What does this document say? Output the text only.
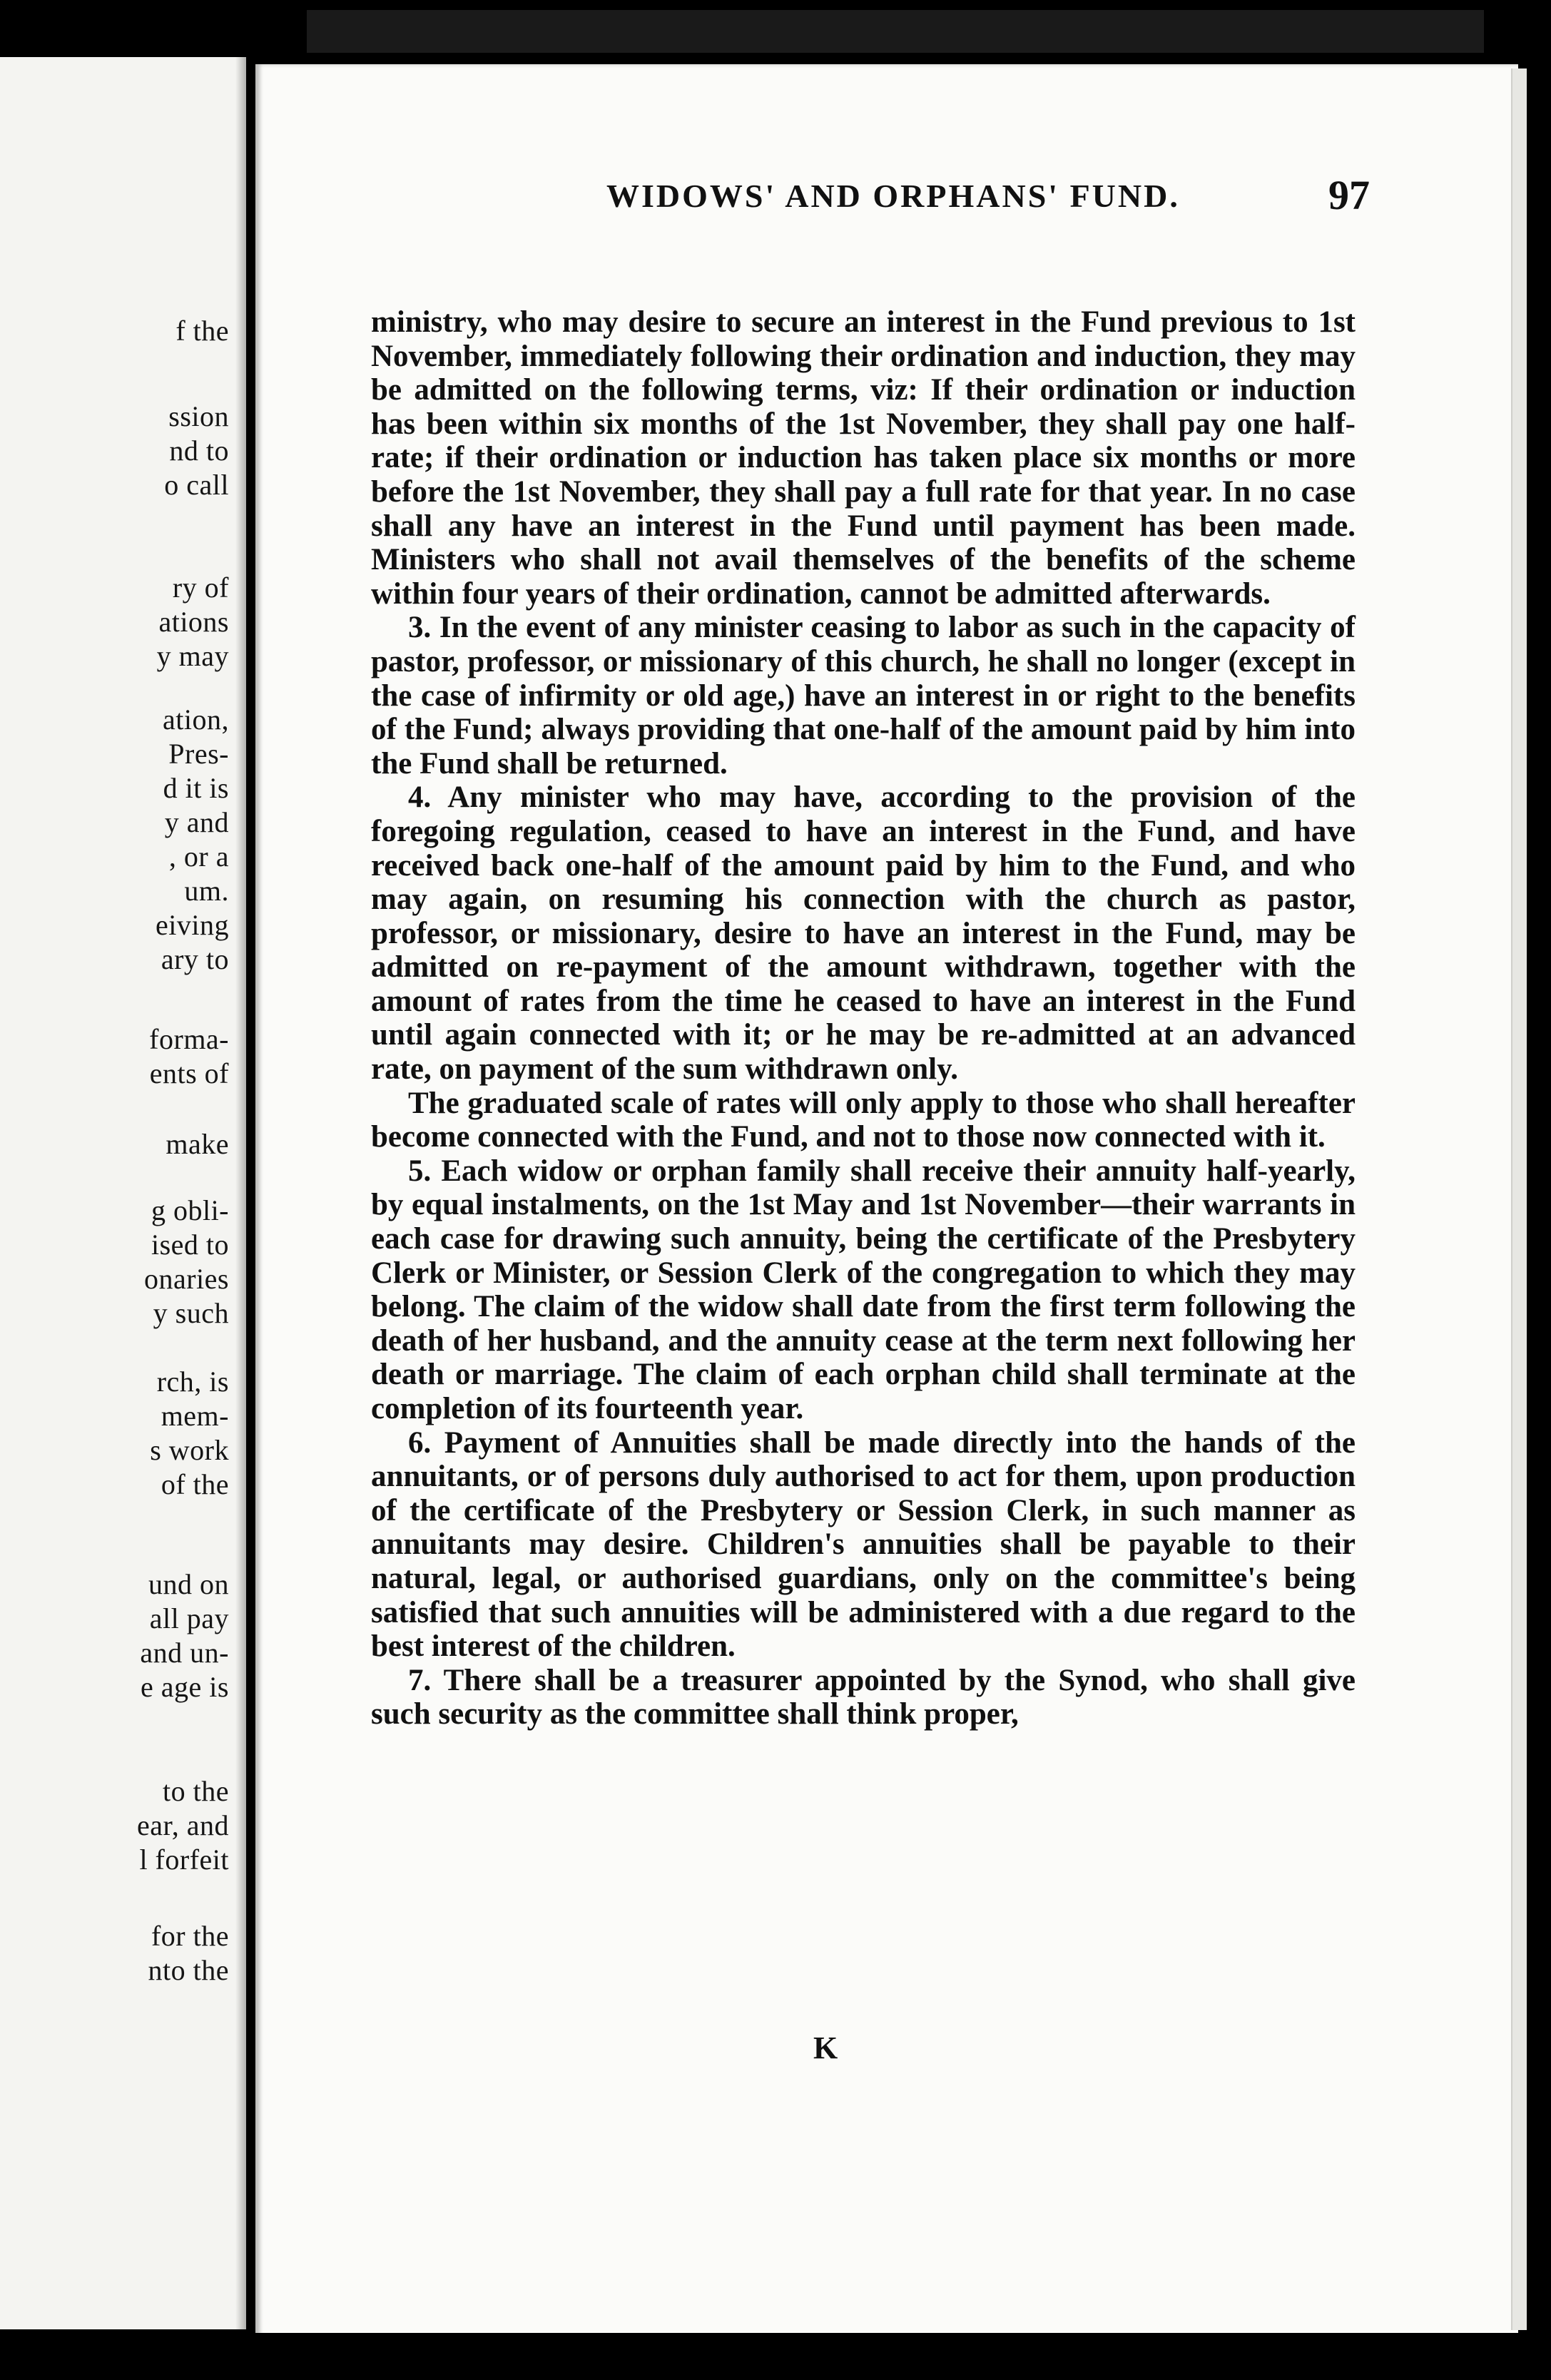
f the
ssion
nd to
o call
ry of
ations
y may
ation,
Pres-
d it is
y and
, or a
um.
eiving
ary to
forma-
ents of
make
g obli-
ised to
onaries
y such
rch, is
mem-
s work
of the
und on
all pay
and un-
e age is
to the
ear, and
l forfeit
for the
nto the
WIDOWS' AND ORPHANS' FUND.	97

ministry, who may desire to secure an interest in the Fund previous to 1st November, immediately following their ordination and induction, they may be admitted on the following terms, viz: If their ordination or induction has been within six months of the 1st November, they shall pay one half-rate; if their ordination or induction has taken place six months or more before the 1st November, they shall pay a full rate for that year. In no case shall any have an interest in the Fund until payment has been made. Ministers who shall not avail themselves of the benefits of the scheme within four years of their ordination, cannot be admitted afterwards.

3. In the event of any minister ceasing to labor as such in the capacity of pastor, professor, or missionary of this church, he shall no longer (except in the case of infirmity or old age,) have an interest in or right to the benefits of the Fund; always providing that one-half of the amount paid by him into the Fund shall be returned.

4. Any minister who may have, according to the provision of the foregoing regulation, ceased to have an interest in the Fund, and have received back one-half of the amount paid by him to the Fund, and who may again, on resuming his connection with the church as pastor, professor, or missionary, desire to have an interest in the Fund, may be admitted on re-payment of the amount withdrawn, together with the amount of rates from the time he ceased to have an interest in the Fund until again connected with it; or he may be re-admitted at an advanced rate, on payment of the sum withdrawn only.

The graduated scale of rates will only apply to those who shall hereafter become connected with the Fund, and not to those now connected with it.

5. Each widow or orphan family shall receive their annuity half-yearly, by equal instalments, on the 1st May and 1st November—their warrants in each case for drawing such annuity, being the certificate of the Presbytery Clerk or Minister, or Session Clerk of the congregation to which they may belong. The claim of the widow shall date from the first term following the death of her husband, and the annuity cease at the term next following her death or marriage. The claim of each orphan child shall terminate at the completion of its fourteenth year.

6. Payment of Annuities shall be made directly into the hands of the annuitants, or of persons duly authorised to act for them, upon production of the certificate of the Presbytery or Session Clerk, in such manner as annuitants may desire. Children's annuities shall be payable to their natural, legal, or authorised guardians, only on the committee's being satisfied that such annuities will be administered with a due regard to the best interest of the children.

7. There shall be a treasurer appointed by the Synod, who shall give such security as the committee shall think proper,

K
